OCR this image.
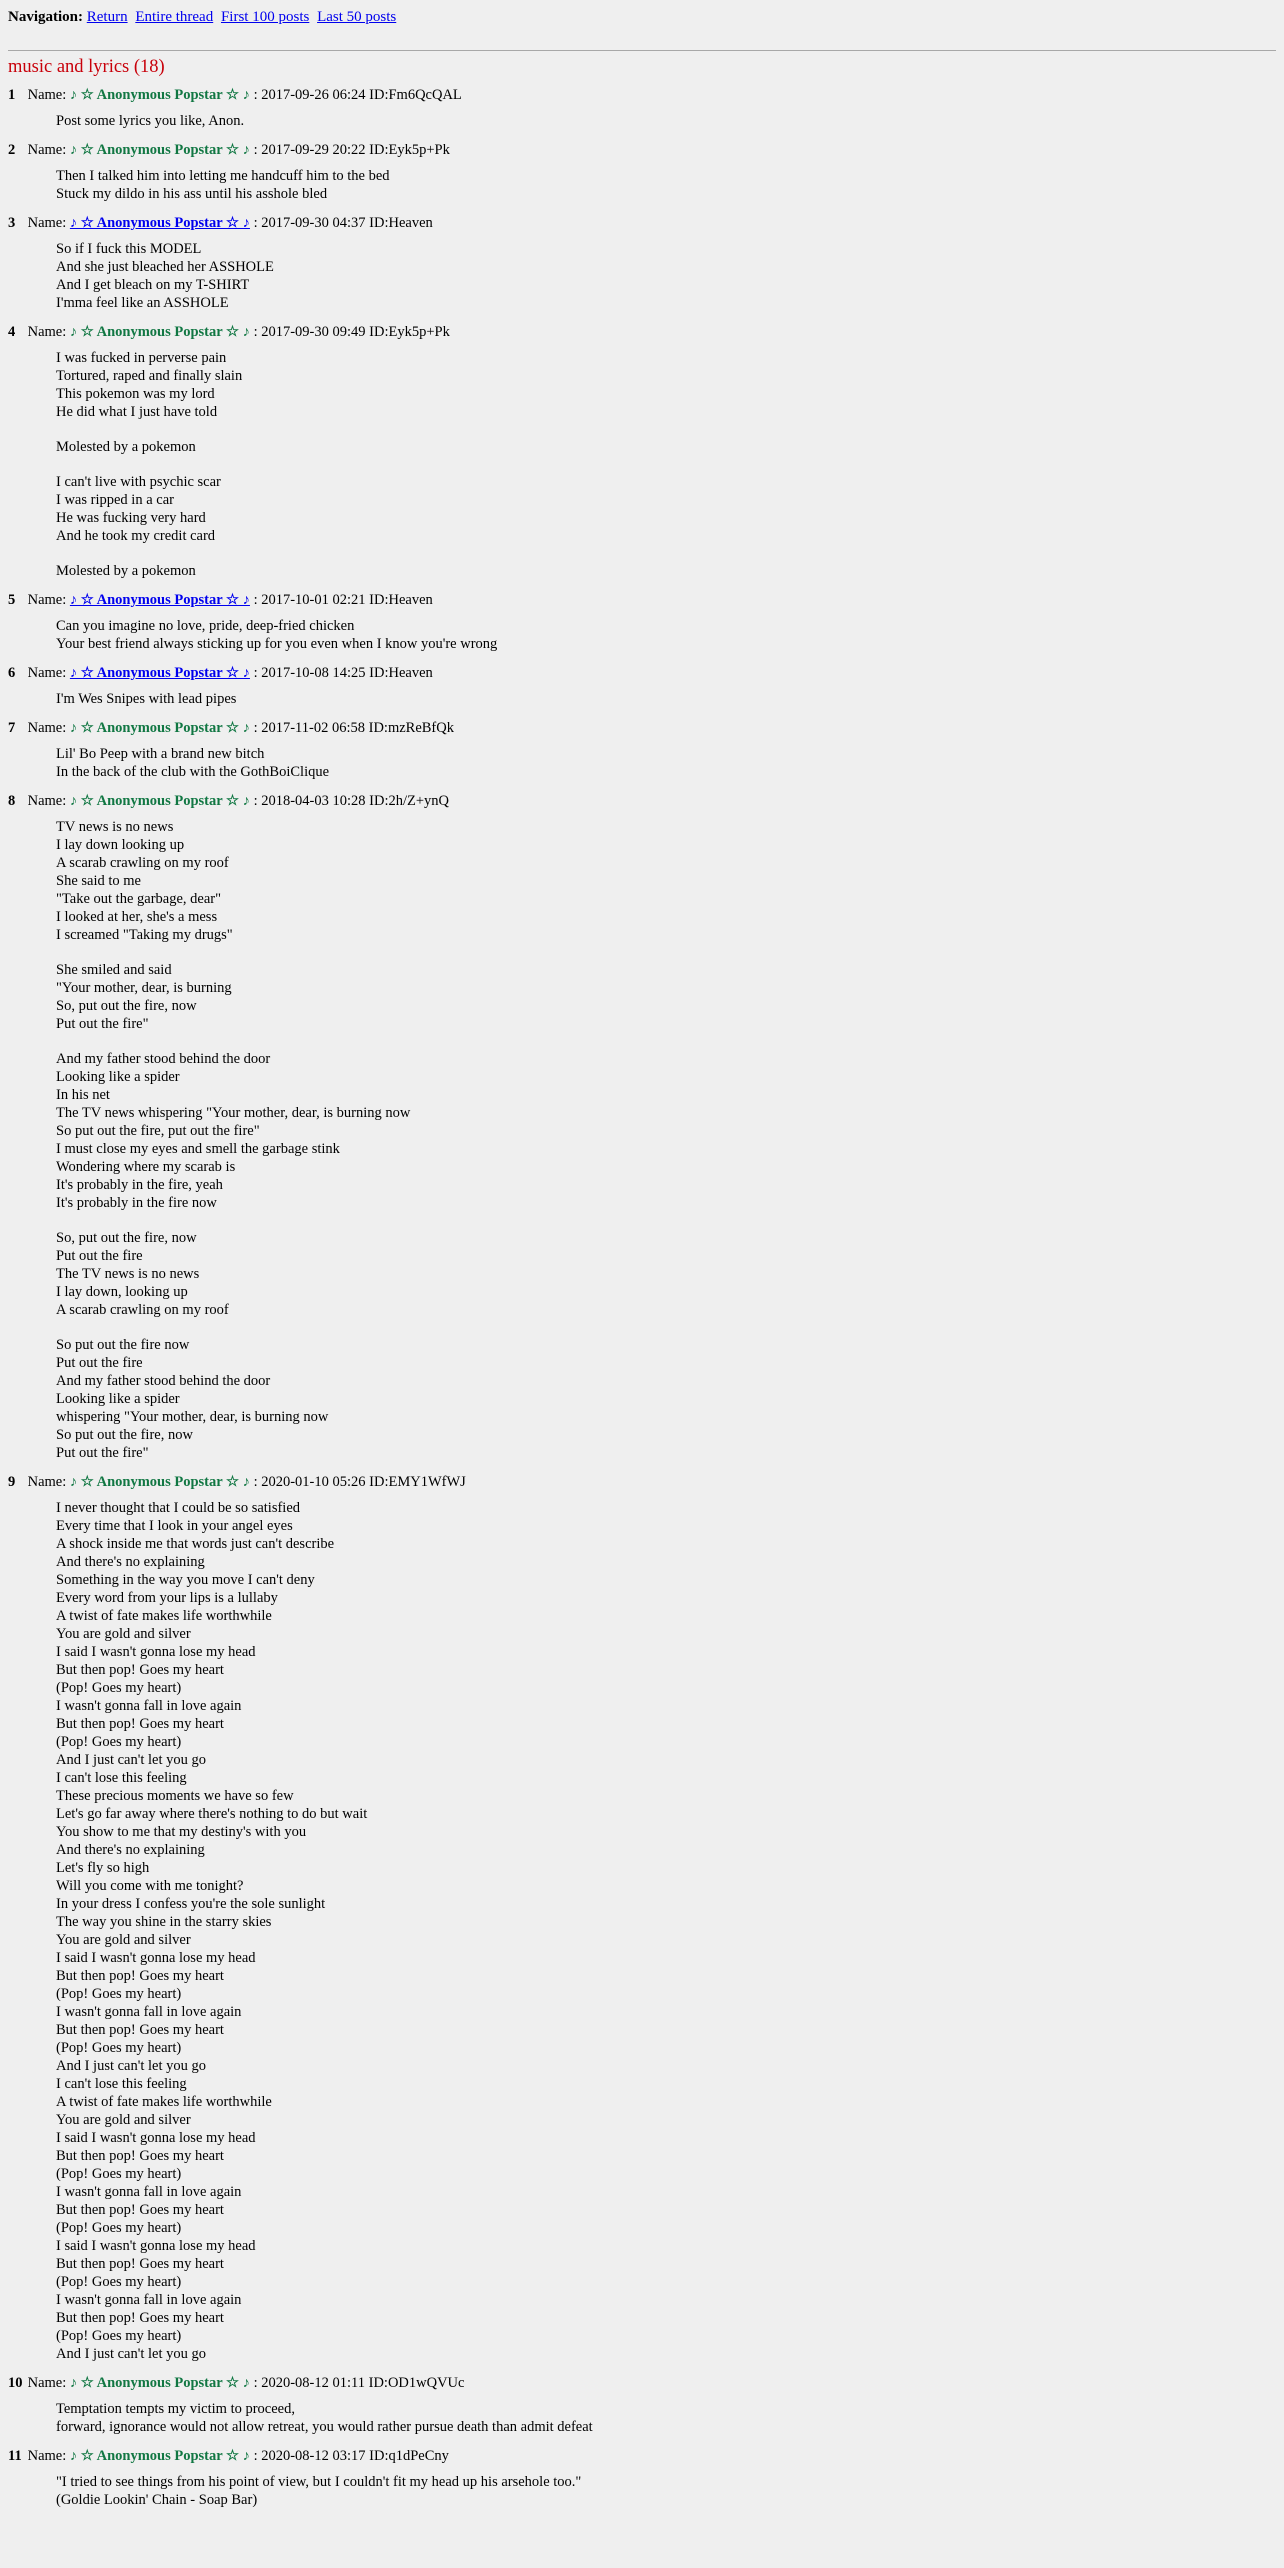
Navigation: Return Entire thread First 100 posts Last 50 posts
music and lyrics (18)
1 Name: ♪ ☆ Anonymous Popstar ☆ ♪ : 2017-09-26 06:24 ID:Fm6QcQAL
Post some lyrics you like, Anon.
2 Name: ♪ ☆ Anonymous Popstar ☆ ♪ : 2017-09-29 20:22 ID:Eyk5p+Pk
Then I talked him into letting me handcuff him to the bed
Stuck my dildo in his ass until his asshole bled
3 Name: ♪ ☆ Anonymous Popstar ☆ ♪ : 2017-09-30 04:37 ID:Heaven
So if I fuck this MODEL
And she just bleached her ASSHOLE
And I get bleach on my T-SHIRT
I'mma feel like an ASSHOLE
4 Name: ♪ ☆ Anonymous Popstar ☆ ♪ : 2017-09-30 09:49 ID:Eyk5p+Pk
I was fucked in perverse pain
Tortured, raped and finally slain
This pokemon was my lord
He did what I just have told
Molested by a pokemon
I can't live with psychic scar
I was ripped in a car
He was fucking very hard
And he took my credit card
Molested by a pokemon
5 Name: ♪ ☆ Anonymous Popstar ☆ ♪ : 2017-10-01 02:21 ID:Heaven
Can you imagine no love, pride, deep-fried chicken
Your best friend always sticking up for you even when I know you're wrong
6 Name: ♪ ☆ Anonymous Popstar ☆ ♪ : 2017-10-08 14:25 ID:Heaven
I'm Wes Snipes with lead pipes
7 Name: ♪ ☆ Anonymous Popstar ☆ ♪ : 2017-11-02 06:58 ID:mzReBfQk
Lil' Bo Peep with a brand new bitch
In the back of the club with the GothBoiClique
8 Name: ♪ ☆ Anonymous Popstar ☆ ♪ : 2018-04-03 10:28 ID:2h/Z+ynQ
TV news is no news
I lay down looking up
A scarab crawling on my roof
She said to me
"Take out the garbage, dear"
I looked at her, she's a mess
I screamed "Taking my drugs"
She smiled and said
"Your mother, dear, is burning
So, put out the fire, now
Put out the fire"
And my father stood behind the door
Looking like a spider
In his net
The TV news whispering "Your mother, dear, is burning now
So put out the fire, put out the fire"
I must close my eyes and smell the garbage stink
Wondering where my scarab is
It's probably in the fire, yeah
It's probably in the fire now
So, put out the fire, now
Put out the fire
The TV news is no news
I lay down, looking up
A scarab crawling on my roof
So put out the fire now
Put out the fire
And my father stood behind the door
Looking like a spider
whispering "Your mother, dear, is burning now
So put out the fire, now
Put out the fire"
9 Name: ♪ ☆ Anonymous Popstar ☆ ♪ : 2020-01-10 05:26 ID:EMY1WfWJ
I never thought that I could be so satisfied
Every time that I look in your angel eyes
A shock inside me that words just can't describe
And there's no explaining
Something in the way you move I can't deny
Every word from your lips is a lullaby
A twist of fate makes life worthwhile
You are gold and silver
I said I wasn't gonna lose my head
But then pop! Goes my heart
(Pop! Goes my heart)
I wasn't gonna fall in love again
But then pop! Goes my heart
(Pop! Goes my heart)
And I just can't let you go
I can't lose this feeling
These precious moments we have so few
Let's go far away where there's nothing to do but wait
You show to me that my destiny's with you
And there's no explaining
Let's fly so high
Will you come with me tonight?
In your dress I confess you're the sole sunlight
The way you shine in the starry skies
You are gold and silver
I said I wasn't gonna lose my head
But then pop! Goes my heart
(Pop! Goes my heart)
I wasn't gonna fall in love again
But then pop! Goes my heart
(Pop! Goes my heart)
And I just can't let you go
I can't lose this feeling
A twist of fate makes life worthwhile
You are gold and silver
I said I wasn't gonna lose my head
But then pop! Goes my heart
(Pop! Goes my heart)
I wasn't gonna fall in love again
But then pop! Goes my heart
(Pop! Goes my heart)
I said I wasn't gonna lose my head
But then pop! Goes my heart
(Pop! Goes my heart)
I wasn't gonna fall in love again
But then pop! Goes my heart
(Pop! Goes my heart)
And I just can't let you go
10 Name: ♪ ☆ Anonymous Popstar ☆ ♪ : 2020-08-12 01:11 ID:OD1wQVUc
Temptation tempts my victim to proceed,
forward, ignorance would not allow retreat, you would rather pursue death than admit defeat
11 Name: ♪ ☆ Anonymous Popstar ☆ ♪ : 2020-08-12 03:17 ID:q1dPeCny
"I tried to see things from his point of view, but I couldn't fit my head up his arsehole too."
(Goldie Lookin' Chain - Soap Bar)
